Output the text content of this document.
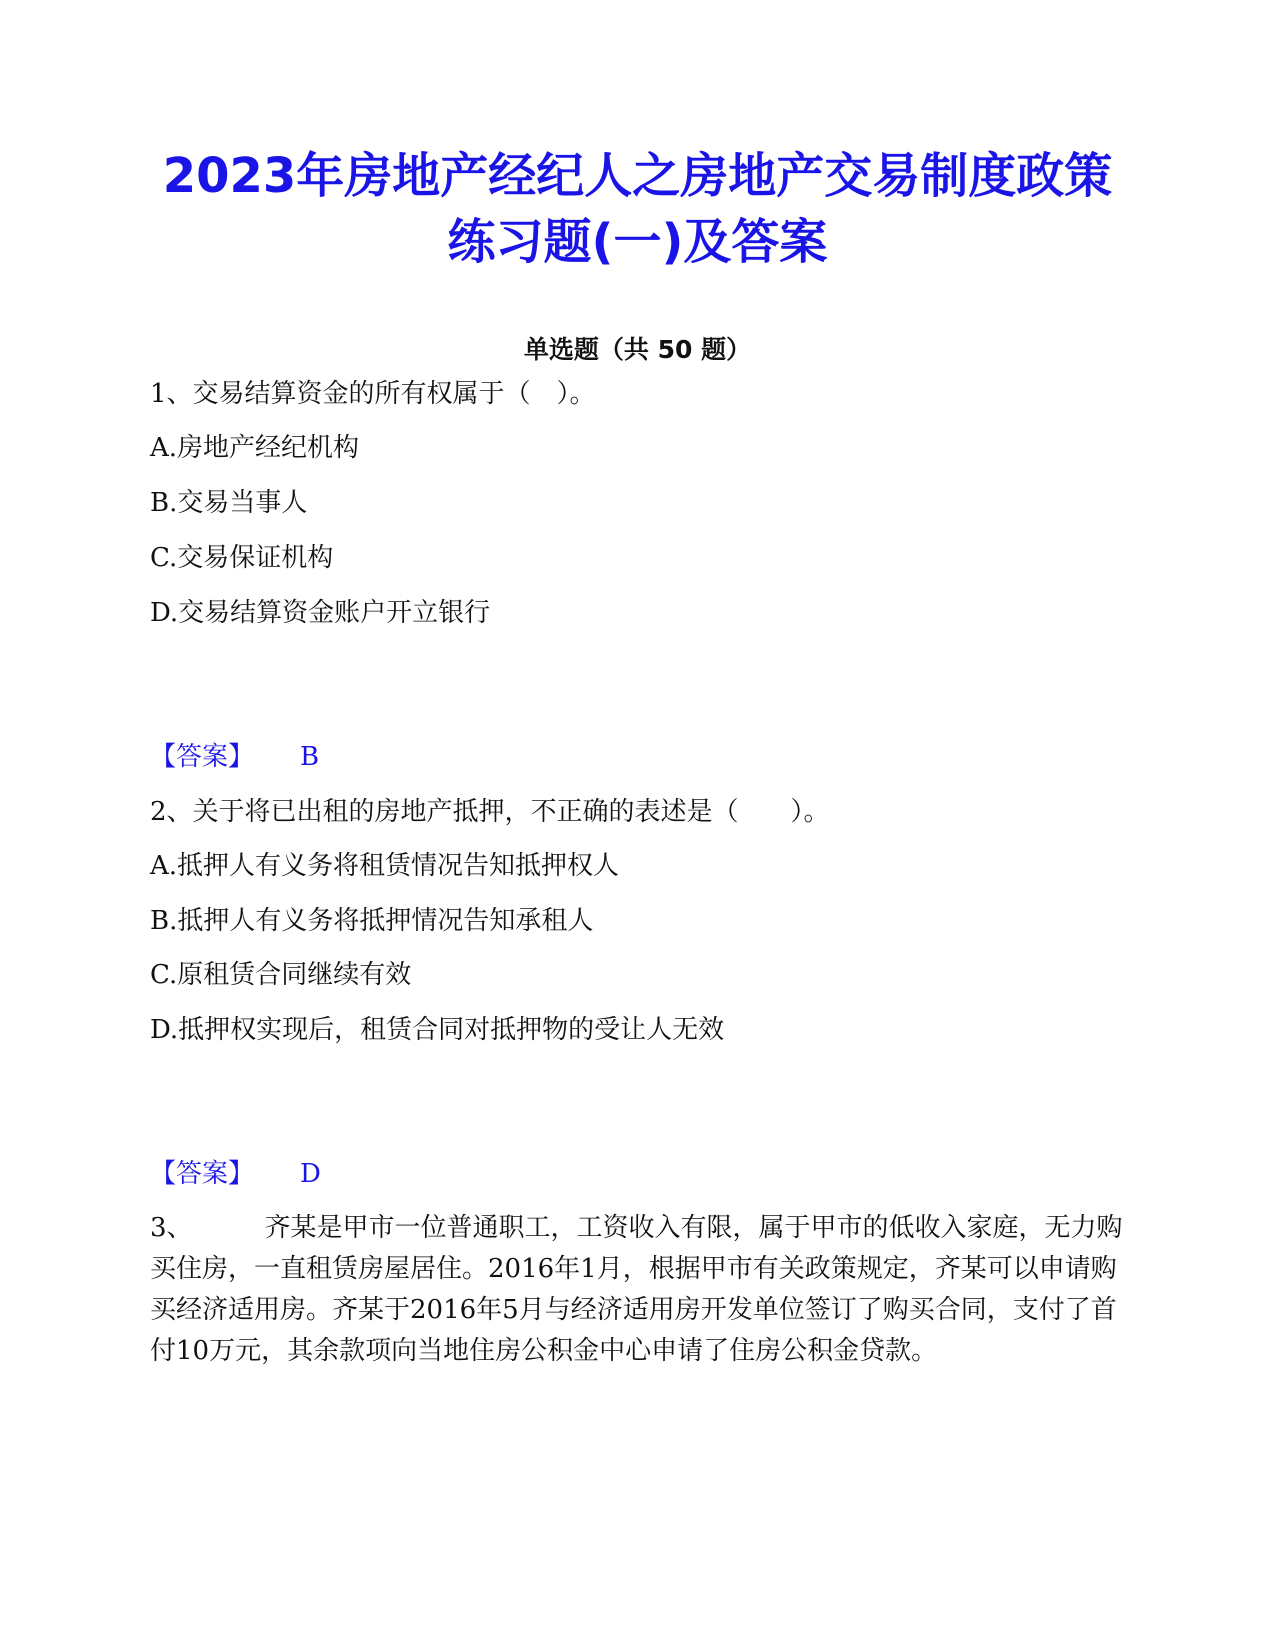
2023年房地产经纪人之房地产交易制度政策
练习题(一)及答案
单选题（共 50 题）
1、交易结算资金的所有权属于（　）。
A.房地产经纪机构
B.交易当事人
C.交易保证机构
D.交易结算资金账户开立银行
【答案】 B
2、关于将已出租的房地产抵押，不正确的表述是（　　）。
A.抵押人有义务将租赁情况告知抵押权人
B.抵押人有义务将抵押情况告知承租人
C.原租赁合同继续有效
D.抵押权实现后，租赁合同对抵押物的受让人无效
【答案】 D
3、	齐某是甲市一位普通职工，工资收入有限，属于甲市的低收入家庭，无力购买住房，一直租赁房屋居住。2016年1月，根据甲市有关政策规定，齐某可以申请购买经济适用房。齐某于2016年5月与经济适用房开发单位签订了购买合同，支付了首付10万元，其余款项向当地住房公积金中心申请了住房公积金贷款。
